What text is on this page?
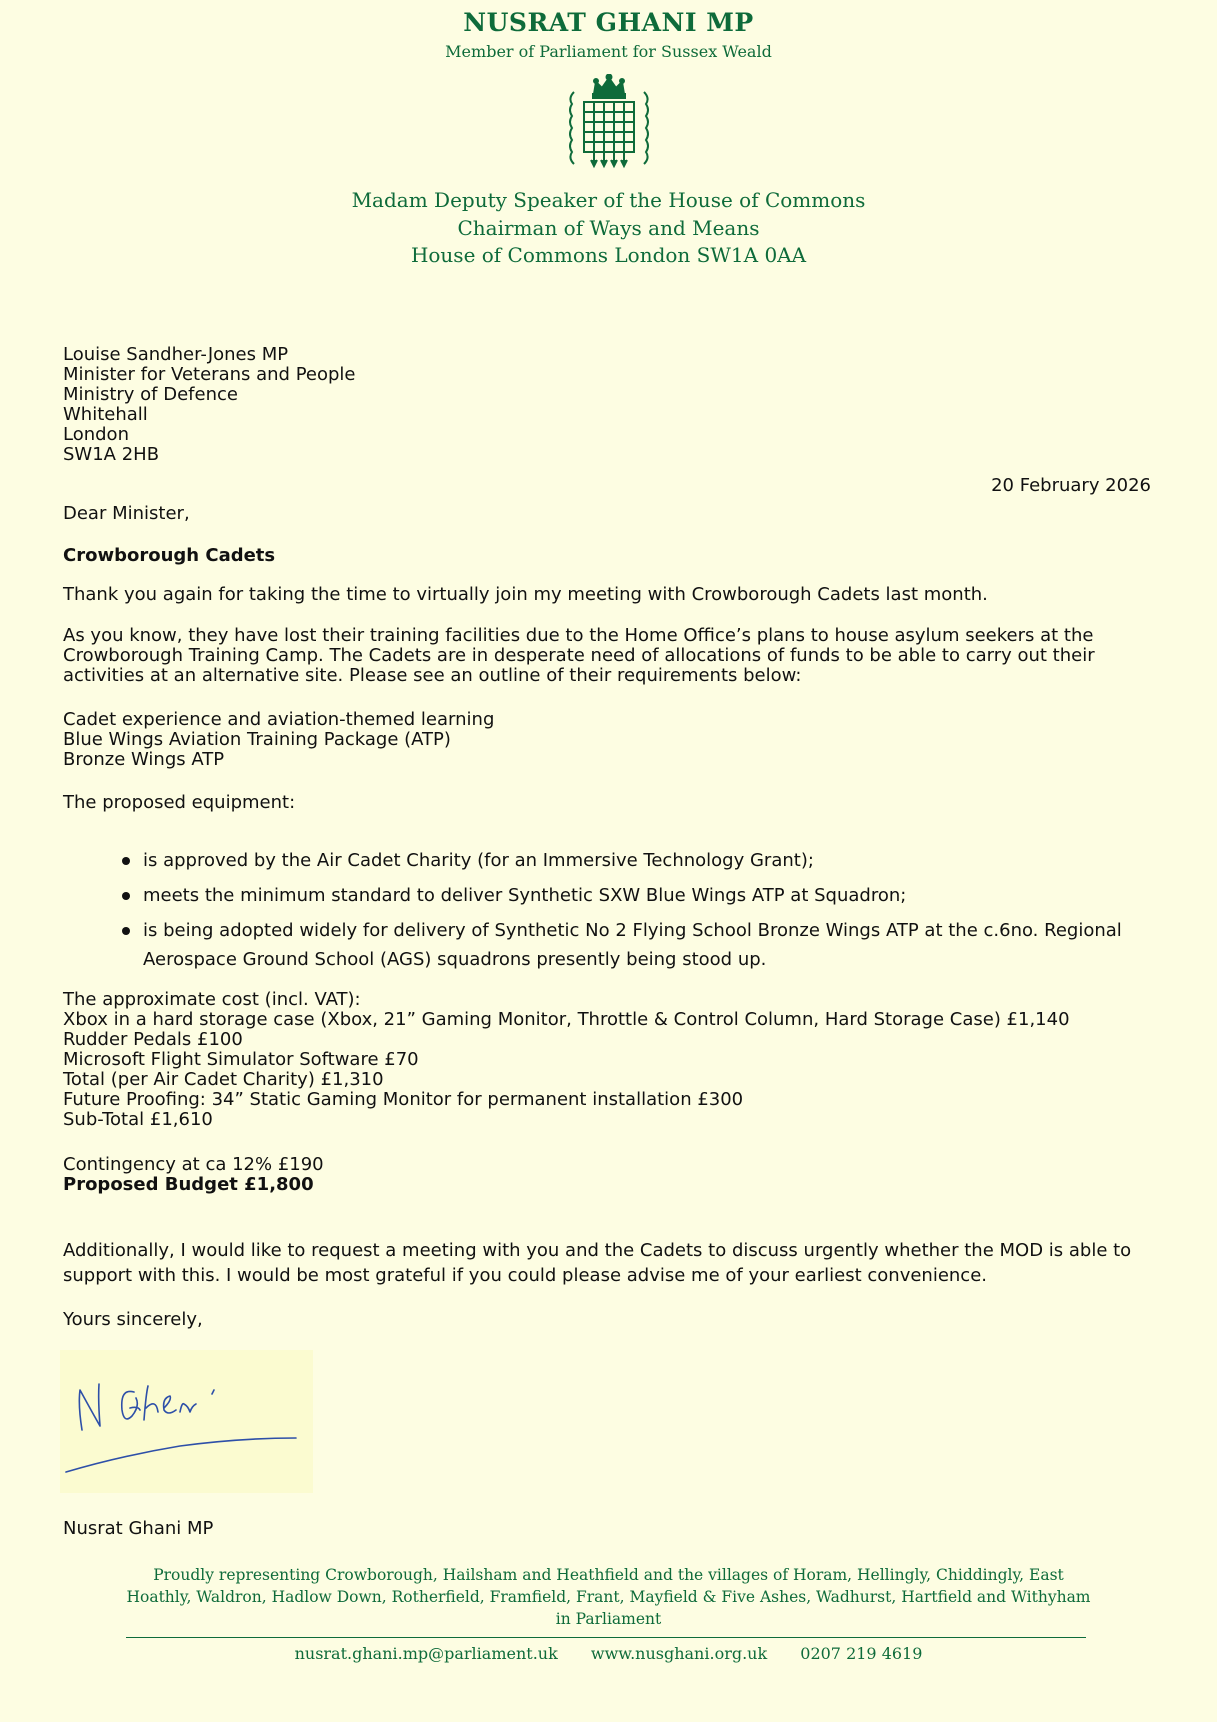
NUSRAT GHANI MP
Member of Parliament for Sussex Weald
Madam Deputy Speaker of the House of Commons
Chairman of Ways and Means
House of Commons London SW1A 0AA
Louise Sandher-Jones MP
Minister for Veterans and People
Ministry of Defence
Whitehall
London
SW1A 2HB
20 February 2026
Dear Minister,
Crowborough Cadets
Thank you again for taking the time to virtually join my meeting with Crowborough Cadets last month.
As you know, they have lost their training facilities due to the Home Office’s plans to house asylum seekers at the Crowborough Training Camp. The Cadets are in desperate need of allocations of funds to be able to carry out their activities at an alternative site. Please see an outline of their requirements below:
Cadet experience and aviation-themed learning
Blue Wings Aviation Training Package (ATP)
Bronze Wings ATP
The proposed equipment:
is approved by the Air Cadet Charity (for an Immersive Technology Grant);
meets the minimum standard to deliver Synthetic SXW Blue Wings ATP at Squadron;
is being adopted widely for delivery of Synthetic No 2 Flying School Bronze Wings ATP at the c.6no. Regional Aerospace Ground School (AGS) squadrons presently being stood up.
The approximate cost (incl. VAT):
Xbox in a hard storage case (Xbox, 21” Gaming Monitor, Throttle & Control Column, Hard Storage Case) £1,140
Rudder Pedals £100
Microsoft Flight Simulator Software £70
Total (per Air Cadet Charity) £1,310
Future Proofing: 34” Static Gaming Monitor for permanent installation £300
Sub-Total £1,610
Contingency at ca 12% £190
Proposed Budget £1,800
Additionally, I would like to request a meeting with you and the Cadets to discuss urgently whether the MOD is able to support with this. I would be most grateful if you could please advise me of your earliest convenience.
Yours sincerely,
Nusrat Ghani MP
Proudly representing Crowborough, Hailsham and Heathfield and the villages of Horam, Hellingly, Chiddingly, East Hoathly, Waldron, Hadlow Down, Rotherfield, Framfield, Frant, Mayfield & Five Ashes, Wadhurst, Hartfield and Withyham in Parliament
nusrat.ghani.mp@parliament.uk www.nusghani.org.uk 0207 219 4619
